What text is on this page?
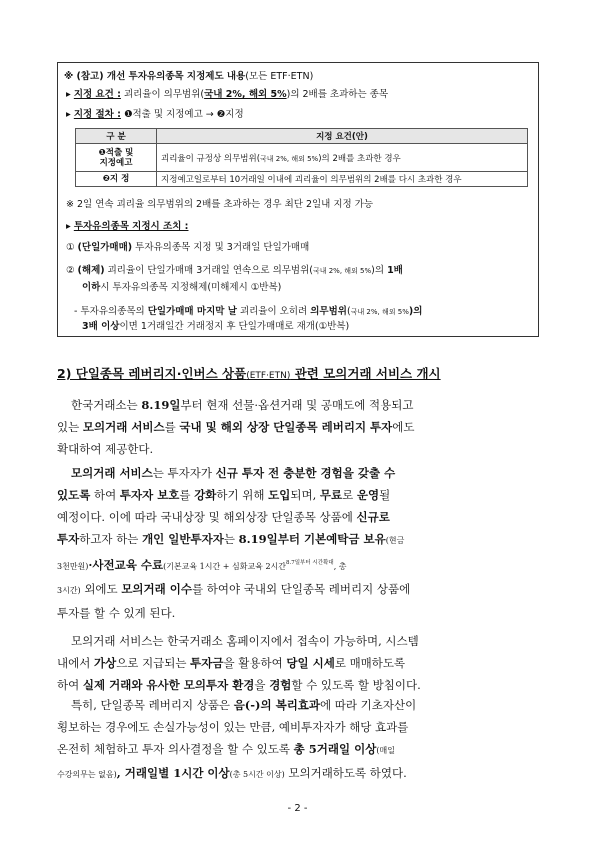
※ (참고) 개선 투자유의종목 지정제도 내용(모든 ETF·ETN)
▸ 지정 요건 : 괴리율이 의무범위(국내 2%, 해외 5%)의 2배를 초과하는 종목
▸ 지정 절차 : ❶적출 및 지정예고 → ❷지정
구 분	지정 요건(안)
❶적출 및
지정예고	괴리율이 규정상 의무범위(국내 2%, 해외 5%)의 2배를 초과한 경우
❷지 정	지정예고일로부터 10거래일 이내에 괴리율이 의무범위의 2배를 다시 초과한 경우
※ 2일 연속 괴리율 의무범위의 2배를 초과하는 경우 최단 2일내 지정 가능
▸ 투자유의종목 지정시 조치 :
① (단일가매매) 투자유의종목 지정 및 3거래일 단일가매매
② (해제) 괴리율이 단일가매매 3거래일 연속으로 의무범위(국내 2%, 해외 5%)의 1배
이하시 투자유의종목 지정해제(미해제시 ①반복)
- 투자유의종목의 단일가매매 마지막 날 괴리율이 오히려 의무범위(국내 2%, 해외 5%)의
3배 이상이면 1거래일간 거래정지 후 단일가매매로 재개(①반복)
2) 단일종목 레버리지·인버스 상품(ETF·ETN) 관련 모의거래 서비스 개시
한국거래소는 8.19일부터 현재 선물·옵션거래 및 공매도에 적용되고
있는 모의거래 서비스를 국내 및 해외 상장 단일종목 레버리지 투자에도
확대하여 제공한다.
모의거래 서비스는 투자자가 신규 투자 전 충분한 경험을 갖출 수
있도록 하여 투자자 보호를 강화하기 위해 도입되며, 무료로 운영될
예정이다. 이에 따라 국내상장 및 해외상장 단일종목 상품에 신규로
투자하고자 하는 개인 일반투자자는 8.19일부터 기본예탁금 보유(현금
3천만원)·사전교육 수료(기본교육 1시간 + 심화교육 2시간$^{8.7일부터 시간확대}$, 총
3시간) 외에도 모의거래 이수를 하여야 국내외 단일종목 레버리지 상품에
투자를 할 수 있게 된다.
모의거래 서비스는 한국거래소 홈페이지에서 접속이 가능하며, 시스템
내에서 가상으로 지급되는 투자금을 활용하여 당일 시세로 매매하도록
하여 실제 거래와 유사한 모의투자 환경을 경험할 수 있도록 할 방침이다.
특히, 단일종목 레버리지 상품은 음(-)의 복리효과에 따라 기초자산이
횡보하는 경우에도 손실가능성이 있는 만큼, 예비투자자가 해당 효과를
온전히 체험하고 투자 의사결정을 할 수 있도록 총 5거래일 이상(매일
수강의무는 없음), 거래일별 1시간 이상(총 5시간 이상) 모의거래하도록 하였다.
- 2 -
